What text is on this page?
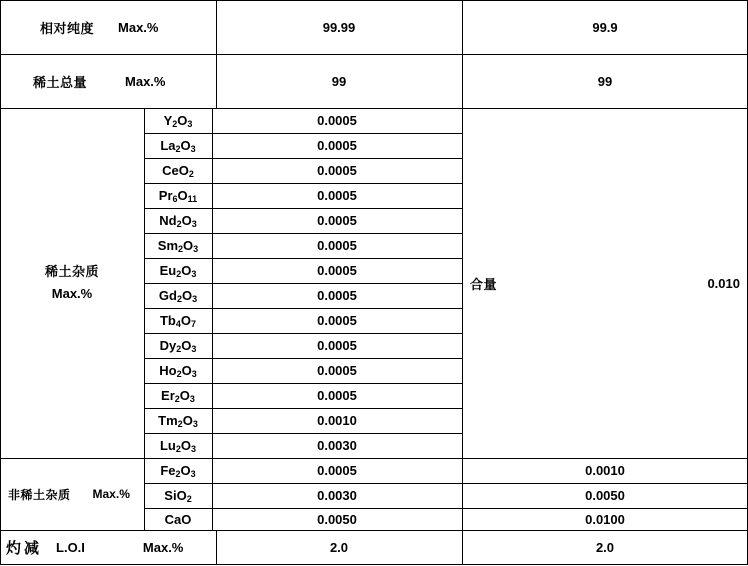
相对纯度 Max.%	99.99	99.9
稀土总量	Max.%	99	99
稀土杂质
Max.%
$Y_2$ $O_3$	0.0005
$La_2$ $O_3$	0.0005
Ce $O_2$	0.0005
$Pr_6$ $O_{11}$	0.0005
$Nd_2$ $O_3$	0.0005
$Sm_2$ $O_3$	0.0005
$Eu_2$ $O_3$	0.0005
$Gd_2$ $O_3$	0.0005
$Tb_4$ $O_7$	0.0005
$Dy_2$ $O_3$	0.0005
$Ho_2$ $O_3$	0.0005
$Er_2$ $O_3$	0.0005
$Tm_2$ $O_3$	0.0010
$Lu_2$ $O_3$	0.0030
合量	0.010
非稀土杂质 Max.%
$Fe_2$ $O_3$	0.0005	0.0010
Si $O_2$	0.0030	0.0050
Ca O	0.0050	0.0100
灼减 L.O.I	Max.%	2.0	2.0
